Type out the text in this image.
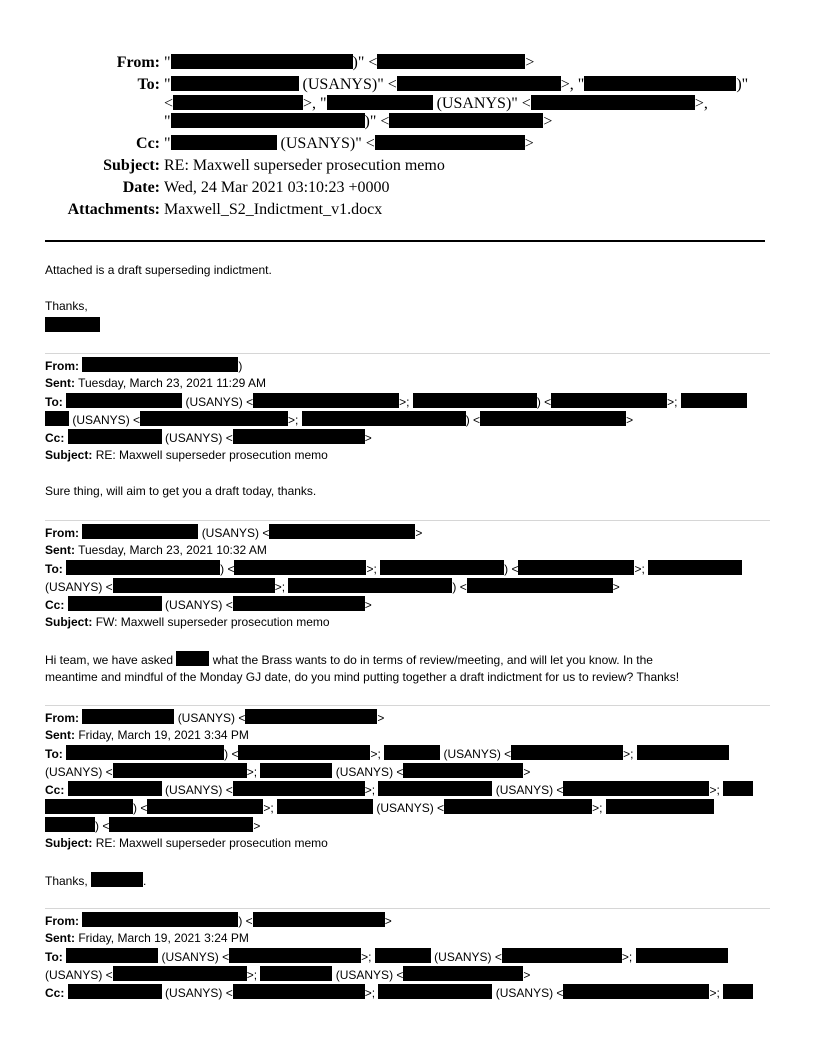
From: "	)" <	>
To: "	(USANYS)" <	>, "	)"
<	>, "	(USANYS)" <	>,
"	)" <	>
Cc: "	(USANYS)" <	>
Subject: RE: Maxwell superseder prosecution memo
Date: Wed, 24 Mar 2021 03:10:23 +0000
Attachments: Maxwell_S2_Indictment_v1.docx
Attached is a draft superseding indictment.
Thanks,
From:	)
Sent: Tuesday, March 23, 2021 11:29 AM
To:	(USANYS) <	>;	) <	>;
(USANYS) <	>;	) <	>
Cc:	(USANYS) <	>
Subject: RE: Maxwell superseder prosecution memo
Sure thing, will aim to get you a draft today, thanks.
From:	(USANYS) <	>
Sent: Tuesday, March 23, 2021 10:32 AM
To:	) <	>;	) <	>;
(USANYS) <	>;	) <	>
Cc:	(USANYS) <	>
Subject: FW: Maxwell superseder prosecution memo
Hi team, we have asked	what the Brass wants to do in terms of review/meeting, and will let you know. In the
meantime and mindful of the Monday GJ date, do you mind putting together a draft indictment for us to review? Thanks!
From:	(USANYS) <	>
Sent: Friday, March 19, 2021 3:34 PM
To:	) <	>;	(USANYS) <	>;
(USANYS) <	>;	(USANYS) <	>
Cc:	(USANYS) <	>;	(USANYS) <	>;
) <	>;	(USANYS) <	>;
) <	>
Subject: RE: Maxwell superseder prosecution memo
Thanks,	.
From:	) <	>
Sent: Friday, March 19, 2021 3:24 PM
To:	(USANYS) <	>;	(USANYS) <	>;
(USANYS) <	>;	(USANYS) <	>
Cc:	(USANYS) <	>;	(USANYS) <	>;
